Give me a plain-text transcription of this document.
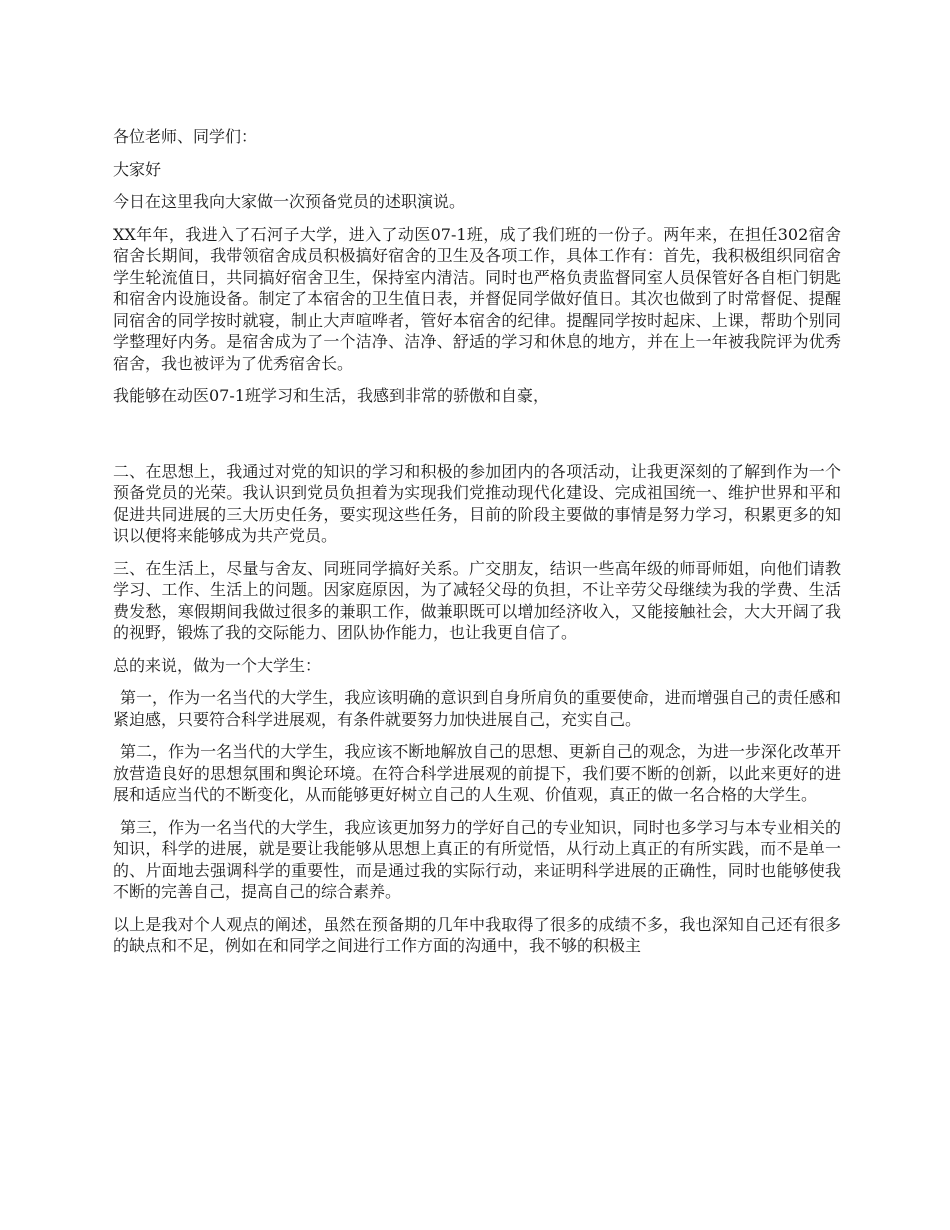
各位老师、同学们：

大家好

今日在这里我向大家做一次预备党员的述职演说。

XX年年，我进入了石河子大学，进入了动医07-1班，成了我们班的一份子。两年来，在担任302宿舍宿舍长期间，我带领宿舍成员积极搞好宿舍的卫生及各项工作，具体工作有：首先，我积极组织同宿舍学生轮流值日，共同搞好宿舍卫生，保持室内清洁。同时也严格负责监督同室人员保管好各自柜门钥匙和宿舍内设施设备。制定了本宿舍的卫生值日表，并督促同学做好值日。其次也做到了时常督促、提醒同宿舍的同学按时就寝，制止大声喧哗者，管好本宿舍的纪律。提醒同学按时起床、上课，帮助个别同学整理好内务。是宿舍成为了一个洁净、洁净、舒适的学习和休息的地方，并在上一年被我院评为优秀宿舍，我也被评为了优秀宿舍长。

我能够在动医07-1班学习和生活，我感到非常的骄傲和自豪，

二、在思想上，我通过对党的知识的学习和积极的参加团内的各项活动，让我更深刻的了解到作为一个预备党员的光荣。我认识到党员负担着为实现我们党推动现代化建设、完成祖国统一、维护世界和平和促进共同进展的三大历史任务，要实现这些任务，目前的阶段主要做的事情是努力学习，积累更多的知识以便将来能够成为共产党员。

三、在生活上，尽量与舍友、同班同学搞好关系。广交朋友，结识一些高年级的师哥师姐，向他们请教学习、工作、生活上的问题。因家庭原因，为了减轻父母的负担，不让辛劳父母继续为我的学费、生活费发愁，寒假期间我做过很多的兼职工作，做兼职既可以增加经济收入，又能接触社会，大大开阔了我的视野，锻炼了我的交际能力、团队协作能力，也让我更自信了。

总的来说，做为一个大学生：

第一，作为一名当代的大学生，我应该明确的意识到自身所肩负的重要使命，进而增强自己的责任感和紧迫感，只要符合科学进展观，有条件就要努力加快进展自己，充实自己。

第二，作为一名当代的大学生，我应该不断地解放自己的思想、更新自己的观念，为进一步深化改革开放营造良好的思想氛围和舆论环境。在符合科学进展观的前提下，我们要不断的创新，以此来更好的进展和适应当代的不断变化，从而能够更好树立自己的人生观、价值观，真正的做一名合格的大学生。

第三，作为一名当代的大学生，我应该更加努力的学好自己的专业知识，同时也多学习与本专业相关的知识，科学的进展，就是要让我能够从思想上真正的有所觉悟，从行动上真正的有所实践，而不是单一的、片面地去强调科学的重要性，而是通过我的实际行动，来证明科学进展的正确性，同时也能够使我不断的完善自己，提高自己的综合素养。

以上是我对个人观点的阐述，虽然在预备期的几年中我取得了很多的成绩不多，我也深知自己还有很多的缺点和不足，例如在和同学之间进行工作方面的沟通中，我不够的积极主
